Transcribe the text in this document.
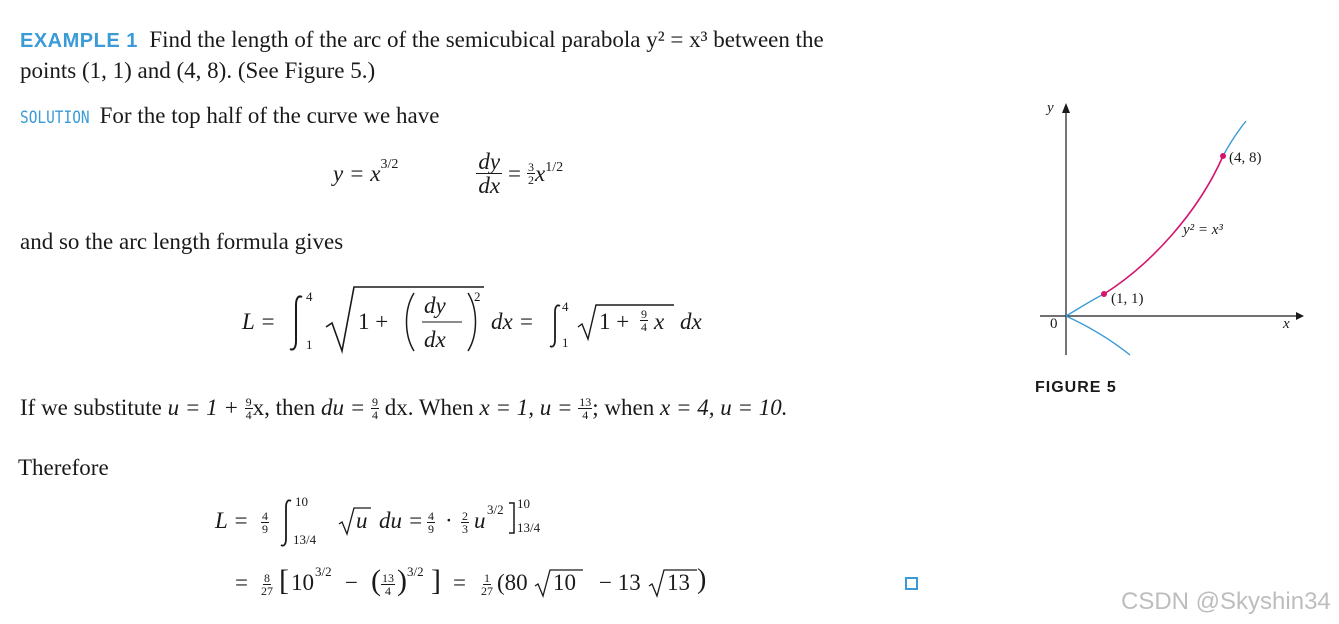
EXAMPLE 1 Find the length of the arc of the semicubical parabola y² = x³ between the
points (1, 1) and (4, 8). (See Figure 5.)
SOLUTION For the top half of the curve we have
$y = x^{3/2}$	$\frac{dy}{dx} = \frac{3}{2} x^{1/2}$
and so the arc length formula gives
L =
4
1
1 +
dy
dx
2
dx =
4
1
1 + 9
4 x dx
If we substitute
u = 1 +
$\frac{9}{4} x$, then
du =
$\frac{9}{4}$
dx. When
x = 1, u =
$\frac{13}{4}$ ; when
x = 4, u = 10.
Therefore
L = 4
9
10
13/4
u du = 4
9 · 2
3 u 3/2 10
13/4
= 8
27 [ 10 3/2 − ( 13
4 ) 3/2 ] = 1
27 (80 10 − 13 13 )
y
x
0
(4, 8)
(1, 1)
y² = x³
FIGURE 5
CSDN @Skyshin34
